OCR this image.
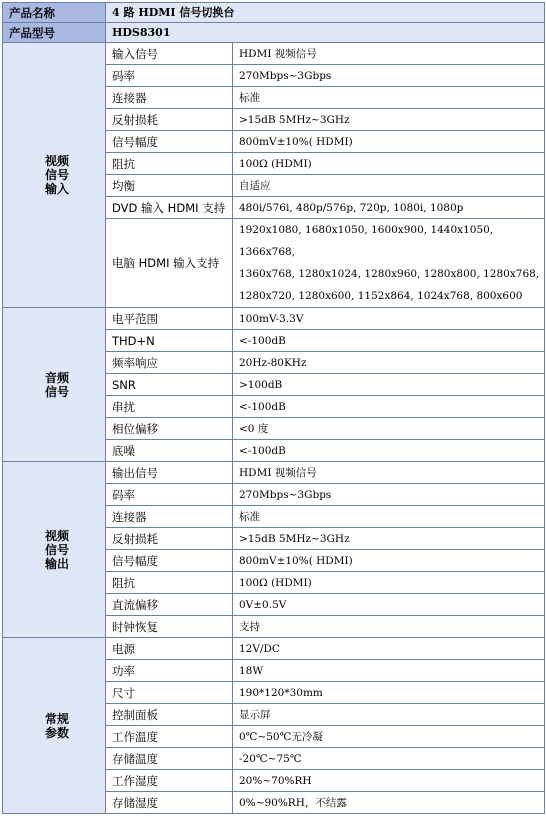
产品名称	4 路 HDMI 信号切换台	
产品型号	HDS8301	

视频
信号
输入	输入信号	HDMI 视频信号
	码率	270Mbps~3Gbps
	连接器	标准
	反射损耗	>15dB 5MHz~3GHz
	信号幅度	800mV±10%( HDMI)
	阻抗	100Ω (HDMI)
	均衡	自适应
	DVD 输入 HDMI 支持	480i/576i, 480p/576p, 720p, 1080i, 1080p
	电脑 HDMI 输入支持	1920x1080, 1680x1050, 1600x900, 1440x1050, 1366x768,
1360x768, 1280x1024, 1280x960, 1280x800, 1280x768,
1280x720, 1280x600, 1152x864, 1024x768, 800x600

音频
信号	电平范围	100mV-3.3V
	THD+N	<-100dB
	频率响应	20Hz-80KHz
	SNR	>100dB
	串扰	<-100dB
	相位偏移	<0 度
	底噪	<-100dB

视频
信号
输出	输出信号	HDMI 视频信号
	码率	270Mbps~3Gbps
	连接器	标准
	反射损耗	>15dB 5MHz~3GHz
	信号幅度	800mV±10%( HDMI)
	阻抗	100Ω (HDMI)
	直流偏移	0V±0.5V
	时钟恢复	支持

常规
参数	电源	12V/DC
	功率	18W
	尺寸	190*120*30mm
	控制面板	显示屏
	工作温度	0℃~50℃无冷凝
	存储温度	-20℃~75℃
	工作湿度	20%~70%RH
	存储湿度	0%~90%RH，不结露
